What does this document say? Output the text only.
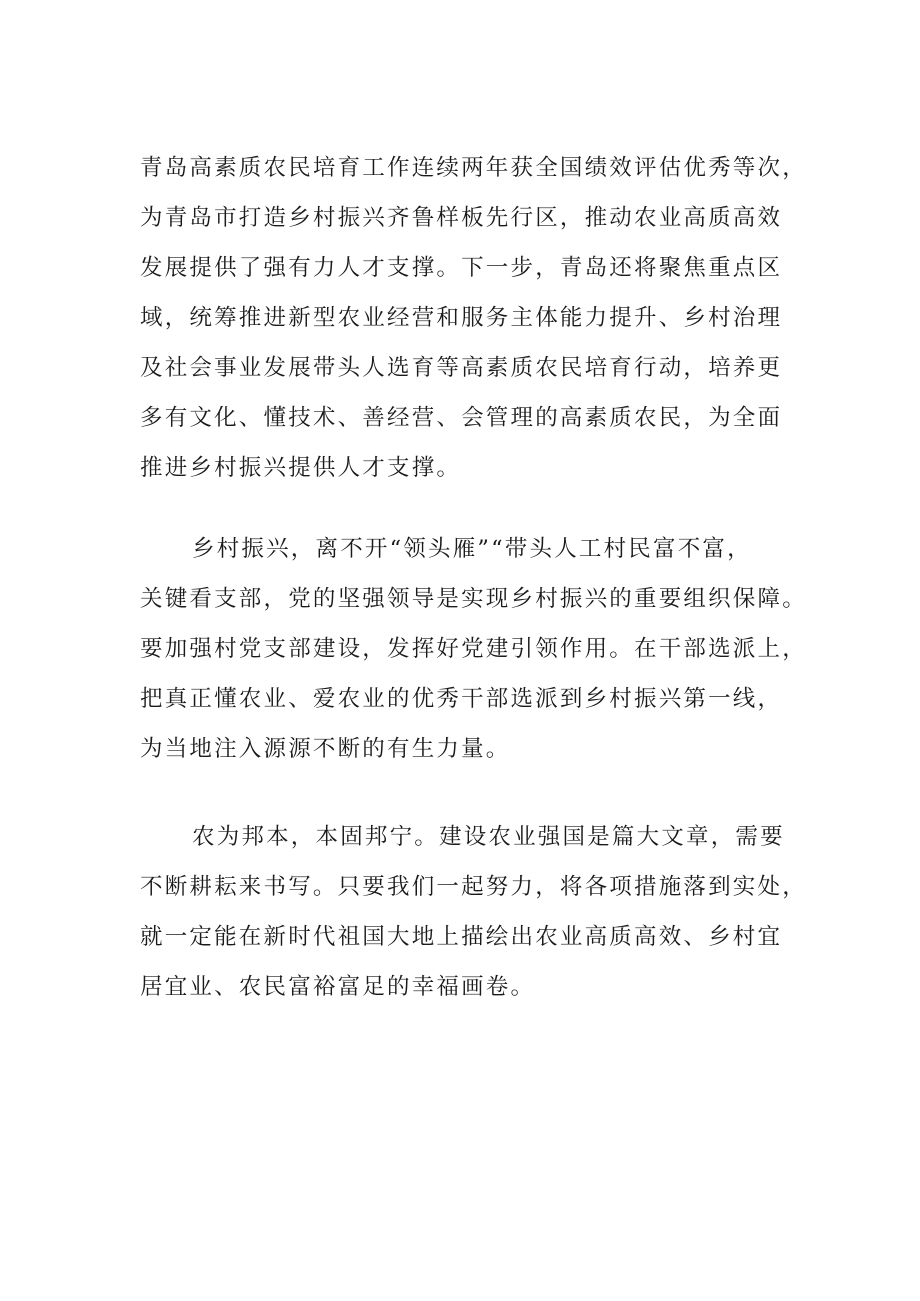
青岛高素质农民培育工作连续两年获全国绩效评估优秀等次，
为青岛市打造乡村振兴齐鲁样板先行区，推动农业高质高效
发展提供了强有力人才支撑。下一步，青岛还将聚焦重点区
域，统筹推进新型农业经营和服务主体能力提升、乡村治理
及社会事业发展带头人选育等高素质农民培育行动，培养更
多有文化、懂技术、善经营、会管理的高素质农民，为全面
推进乡村振兴提供人才支撑。
乡村振兴，离不开“领头雁”“带头人工村民富不富，
关键看支部，党的坚强领导是实现乡村振兴的重要组织保障。
要加强村党支部建设，发挥好党建引领作用。在干部选派上，
把真正懂农业、爱农业的优秀干部选派到乡村振兴第一线，
为当地注入源源不断的有生力量。
农为邦本，本固邦宁。建设农业强国是篇大文章，需要
不断耕耘来书写。只要我们一起努力，将各项措施落到实处，
就一定能在新时代祖国大地上描绘出农业高质高效、乡村宜
居宜业、农民富裕富足的幸福画卷。
